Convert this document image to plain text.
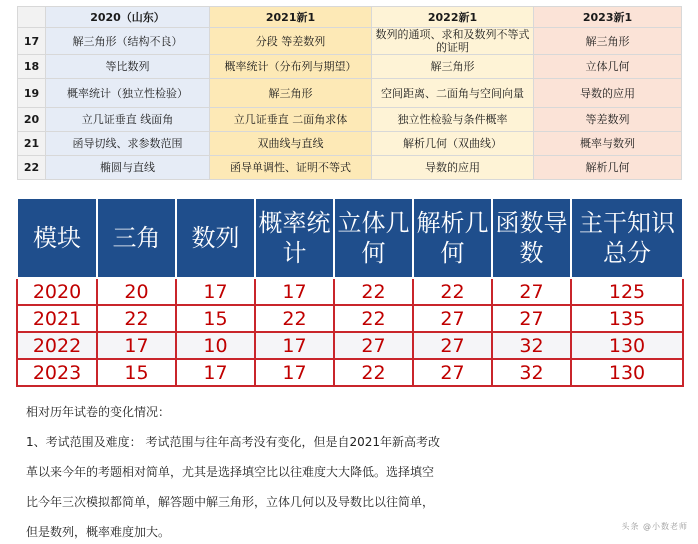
	2020（山东）	2021新1	2022新1	2023新1
17	解三角形（结构不良）	分段 等差数列	数列的通项、求和及数列不等式的证明	解三角形
18	等比数列	概率统计（分布列与期望）	解三角形	立体几何
19	概率统计（独立性检验）	解三角形	空间距离、二面角与空间向量	导数的应用
20	立几证垂直 线面角	立几证垂直 二面角求体	独立性检验与条件概率	等差数列
21	函导切线、求参数范围	双曲线与直线	解析几何（双曲线）	概率与数列
22	椭圆与直线	函导单调性、证明不等式	导数的应用	解析几何
模块	三角	数列	概率统计	立体几何	解析几何	函数导数	主干知识总分
2020	20	17	17	22	22	27	125
2021	22	15	22	22	27	27	135
2022	17	10	17	27	27	32	130
2023	15	17	17	22	27	32	130

相对历年试卷的变化情况：

1、考试范围及难度： 考试范围与往年高考没有变化，但是自2021年新高考改

革以来今年的考题相对简单，尤其是选择填空比以往难度大大降低。选择填空

比今年三次模拟都简单，解答题中解三角形，立体几何以及导数比以往简单，

但是数列，概率难度加大。	头条 @小数老师
